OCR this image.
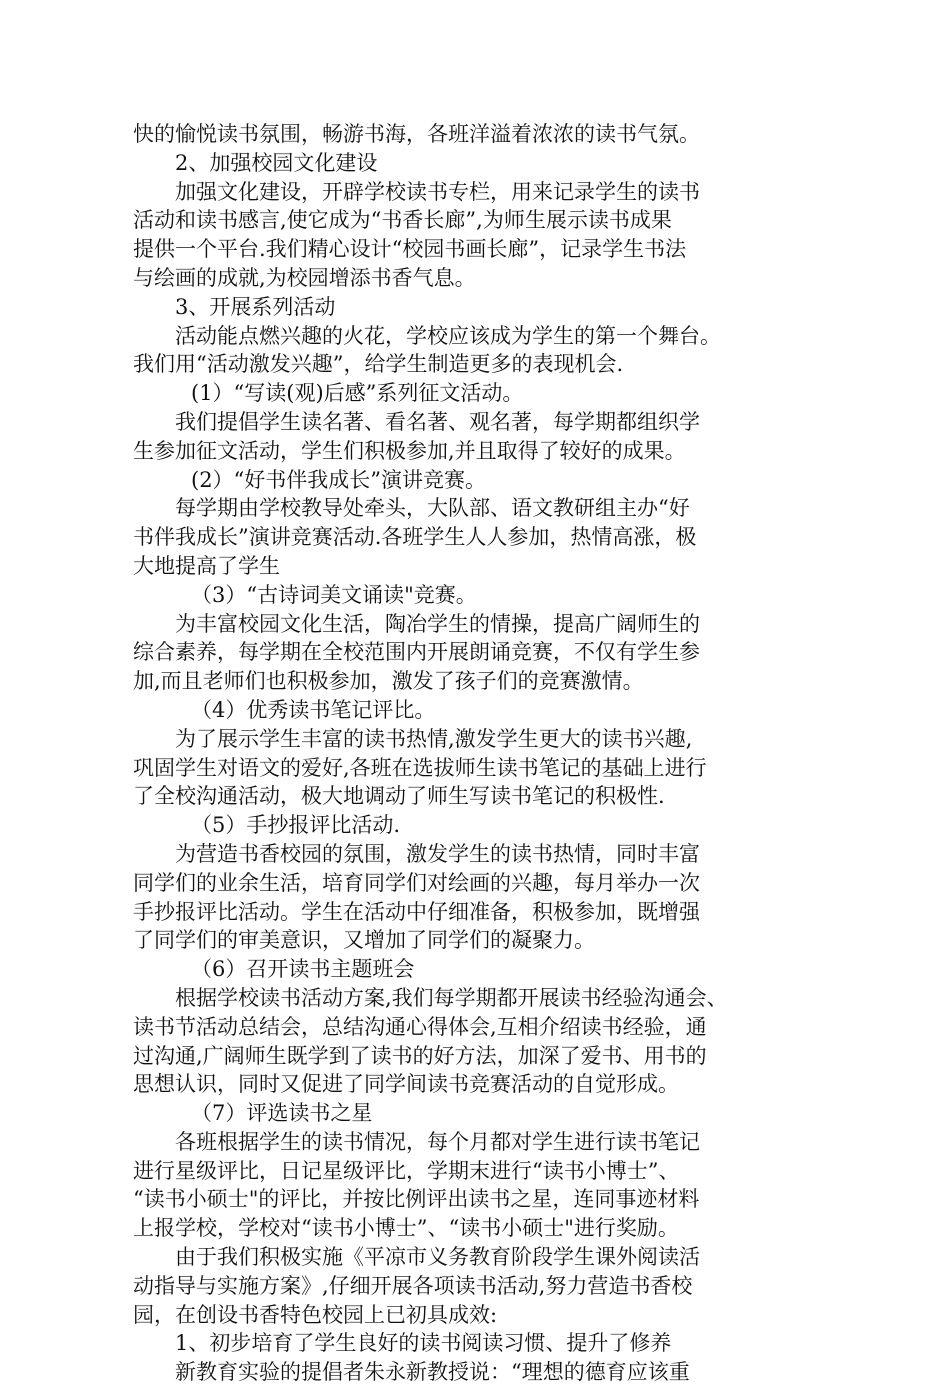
快的愉悦读书氛围，畅游书海，各班洋溢着浓浓的读书气氛。
2、加强校园文化建设
加强文化建设，开辟学校读书专栏，用来记录学生的读书
活动和读书感言,使它成为“书香长廊”,为师生展示读书成果
提供一个平台.我们精心设计“校园书画长廊”，记录学生书法
与绘画的成就,为校园增添书香气息。
3、开展系列活动
活动能点燃兴趣的火花，学校应该成为学生的第一个舞台。
我们用“活动激发兴趣”，给学生制造更多的表现机会.
(1）“写读(观)后感”系列征文活动。
我们提倡学生读名著、看名著、观名著，每学期都组织学
生参加征文活动，学生们积极参加,并且取得了较好的成果。
(2）“好书伴我成长”演讲竞赛。
每学期由学校教导处牵头，大队部、语文教研组主办“好
书伴我成长”演讲竞赛活动.各班学生人人参加，热情高涨，极
大地提高了学生
（3）“古诗词美文诵读"竞赛。
为丰富校园文化生活，陶冶学生的情操，提高广阔师生的
综合素养，每学期在全校范围内开展朗诵竞赛，不仅有学生参
加,而且老师们也积极参加，激发了孩子们的竞赛激情。
（4）优秀读书笔记评比。
为了展示学生丰富的读书热情,激发学生更大的读书兴趣,
巩固学生对语文的爱好,各班在选拔师生读书笔记的基础上进行
了全校沟通活动，极大地调动了师生写读书笔记的积极性.
（5）手抄报评比活动.
为营造书香校园的氛围，激发学生的读书热情，同时丰富
同学们的业余生活，培育同学们对绘画的兴趣，每月举办一次
手抄报评比活动。学生在活动中仔细准备，积极参加，既增强
了同学们的审美意识，又增加了同学们的凝聚力。
（6）召开读书主题班会
根据学校读书活动方案,我们每学期都开展读书经验沟通会、
读书节活动总结会，总结沟通心得体会,互相介绍读书经验，通
过沟通,广阔师生既学到了读书的好方法，加深了爱书、用书的
思想认识，同时又促进了同学间读书竞赛活动的自觉形成。
（7）评选读书之星
各班根据学生的读书情况，每个月都对学生进行读书笔记
进行星级评比，日记星级评比，学期末进行“读书小博士”、
“读书小硕士"的评比，并按比例评出读书之星，连同事迹材料
上报学校，学校对“读书小博士”、“读书小硕士"进行奖励。
由于我们积极实施《平凉市义务教育阶段学生课外阅读活
动指导与实施方案》,仔细开展各项读书活动,努力营造书香校
园，在创设书香特色校园上已初具成效:
1、初步培育了学生良好的读书阅读习惯、提升了修养
新教育实验的提倡者朱永新教授说：“理想的德育应该重
